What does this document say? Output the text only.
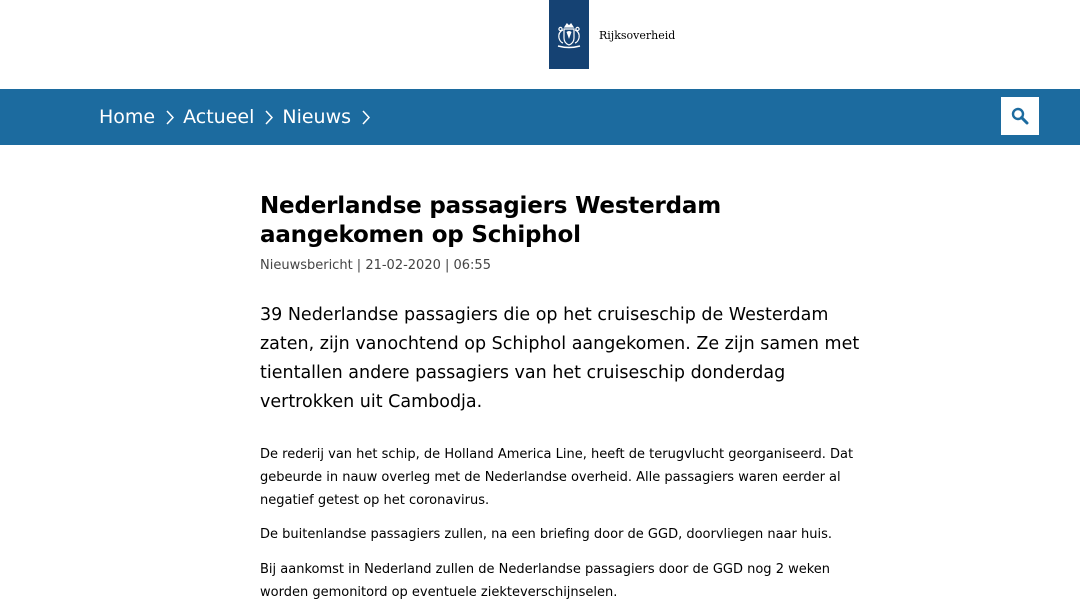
Rijksoverheid
Home Actueel Nieuws
Nederlandse passagiers Westerdam aangekomen op Schiphol
Nieuwsbericht | 21-02-2020 | 06:55
39 Nederlandse passagiers die op het cruiseschip de Westerdam zaten, zijn vanochtend op Schiphol aangekomen. Ze zijn samen met tientallen andere passagiers van het cruiseschip donderdag vertrokken uit Cambodja.

De rederij van het schip, de Holland America Line, heeft de terugvlucht georganiseerd. Dat gebeurde in nauw overleg met de Nederlandse overheid. Alle passagiers waren eerder al negatief getest op het coronavirus.

De buitenlandse passagiers zullen, na een briefing door de GGD, doorvliegen naar huis.

Bij aankomst in Nederland zullen de Nederlandse passagiers door de GGD nog 2 weken worden gemonitord op eventuele ziekteverschijnselen.
